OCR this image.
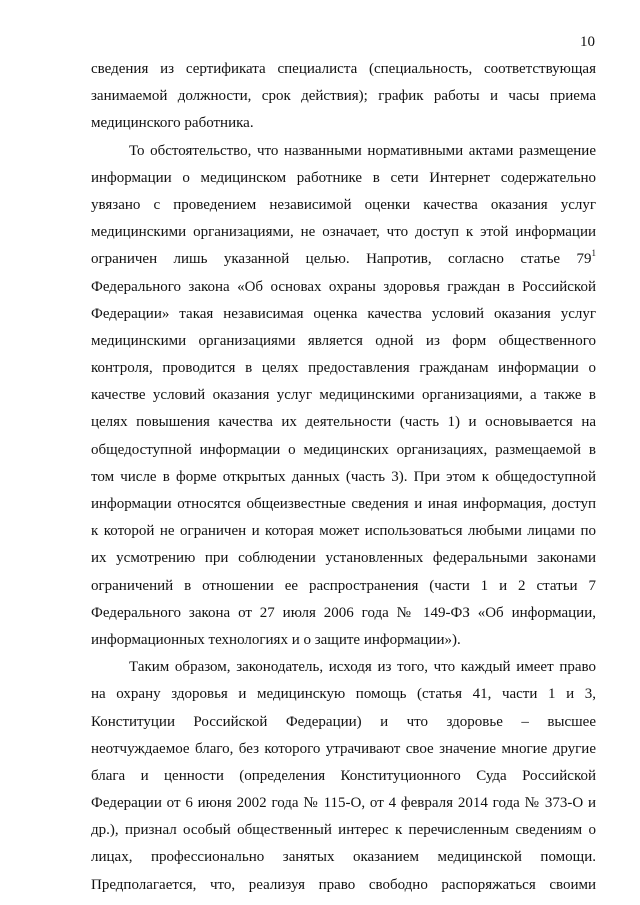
10
сведения из сертификата специалиста (специальность, соответствующая
занимаемой должности, срок действия); график работы и часы приема
медицинского работника.
То обстоятельство, что названными нормативными актами размещение
информации о медицинском работнике в сети Интернет содержательно
увязано с проведением независимой оценки качества оказания услуг
медицинскими организациями, не означает, что доступ к этой информации
ограничен лишь указанной целью. Напротив, согласно статье $79^1$
Федерального закона «Об основах охраны здоровья граждан в Российской
Федерации» такая независимая оценка качества условий оказания услуг
медицинскими организациями является одной из форм общественного
контроля, проводится в целях предоставления гражданам информации о
качестве условий оказания услуг медицинскими организациями, а также в
целях повышения качества их деятельности (часть 1) и основывается на
общедоступной информации о медицинских организациях, размещаемой в
том числе в форме открытых данных (часть 3). При этом к общедоступной
информации относятся общеизвестные сведения и иная информация, доступ
к которой не ограничен и которая может использоваться любыми лицами по
их усмотрению при соблюдении установленных федеральными законами
ограничений в отношении ее распространения (части 1 и 2 статьи 7
Федерального закона от 27 июля 2006 года № 149-ФЗ «Об информации,
информационных технологиях и о защите информации»).
Таким образом, законодатель, исходя из того, что каждый имеет право
на охрану здоровья и медицинскую помощь (статья 41, части 1 и 3,
Конституции Российской Федерации) и что здоровье – высшее
неотчуждаемое благо, без которого утрачивают свое значение многие другие
блага и ценности (определения Конституционного Суда Российской
Федерации от 6 июня 2002 года № 115-О, от 4 февраля 2014 года № 373-О и
др.), признал особый общественный интерес к перечисленным сведениям о
лицах, профессионально занятых оказанием медицинской помощи.
Предполагается, что, реализуя право свободно распоряжаться своими
